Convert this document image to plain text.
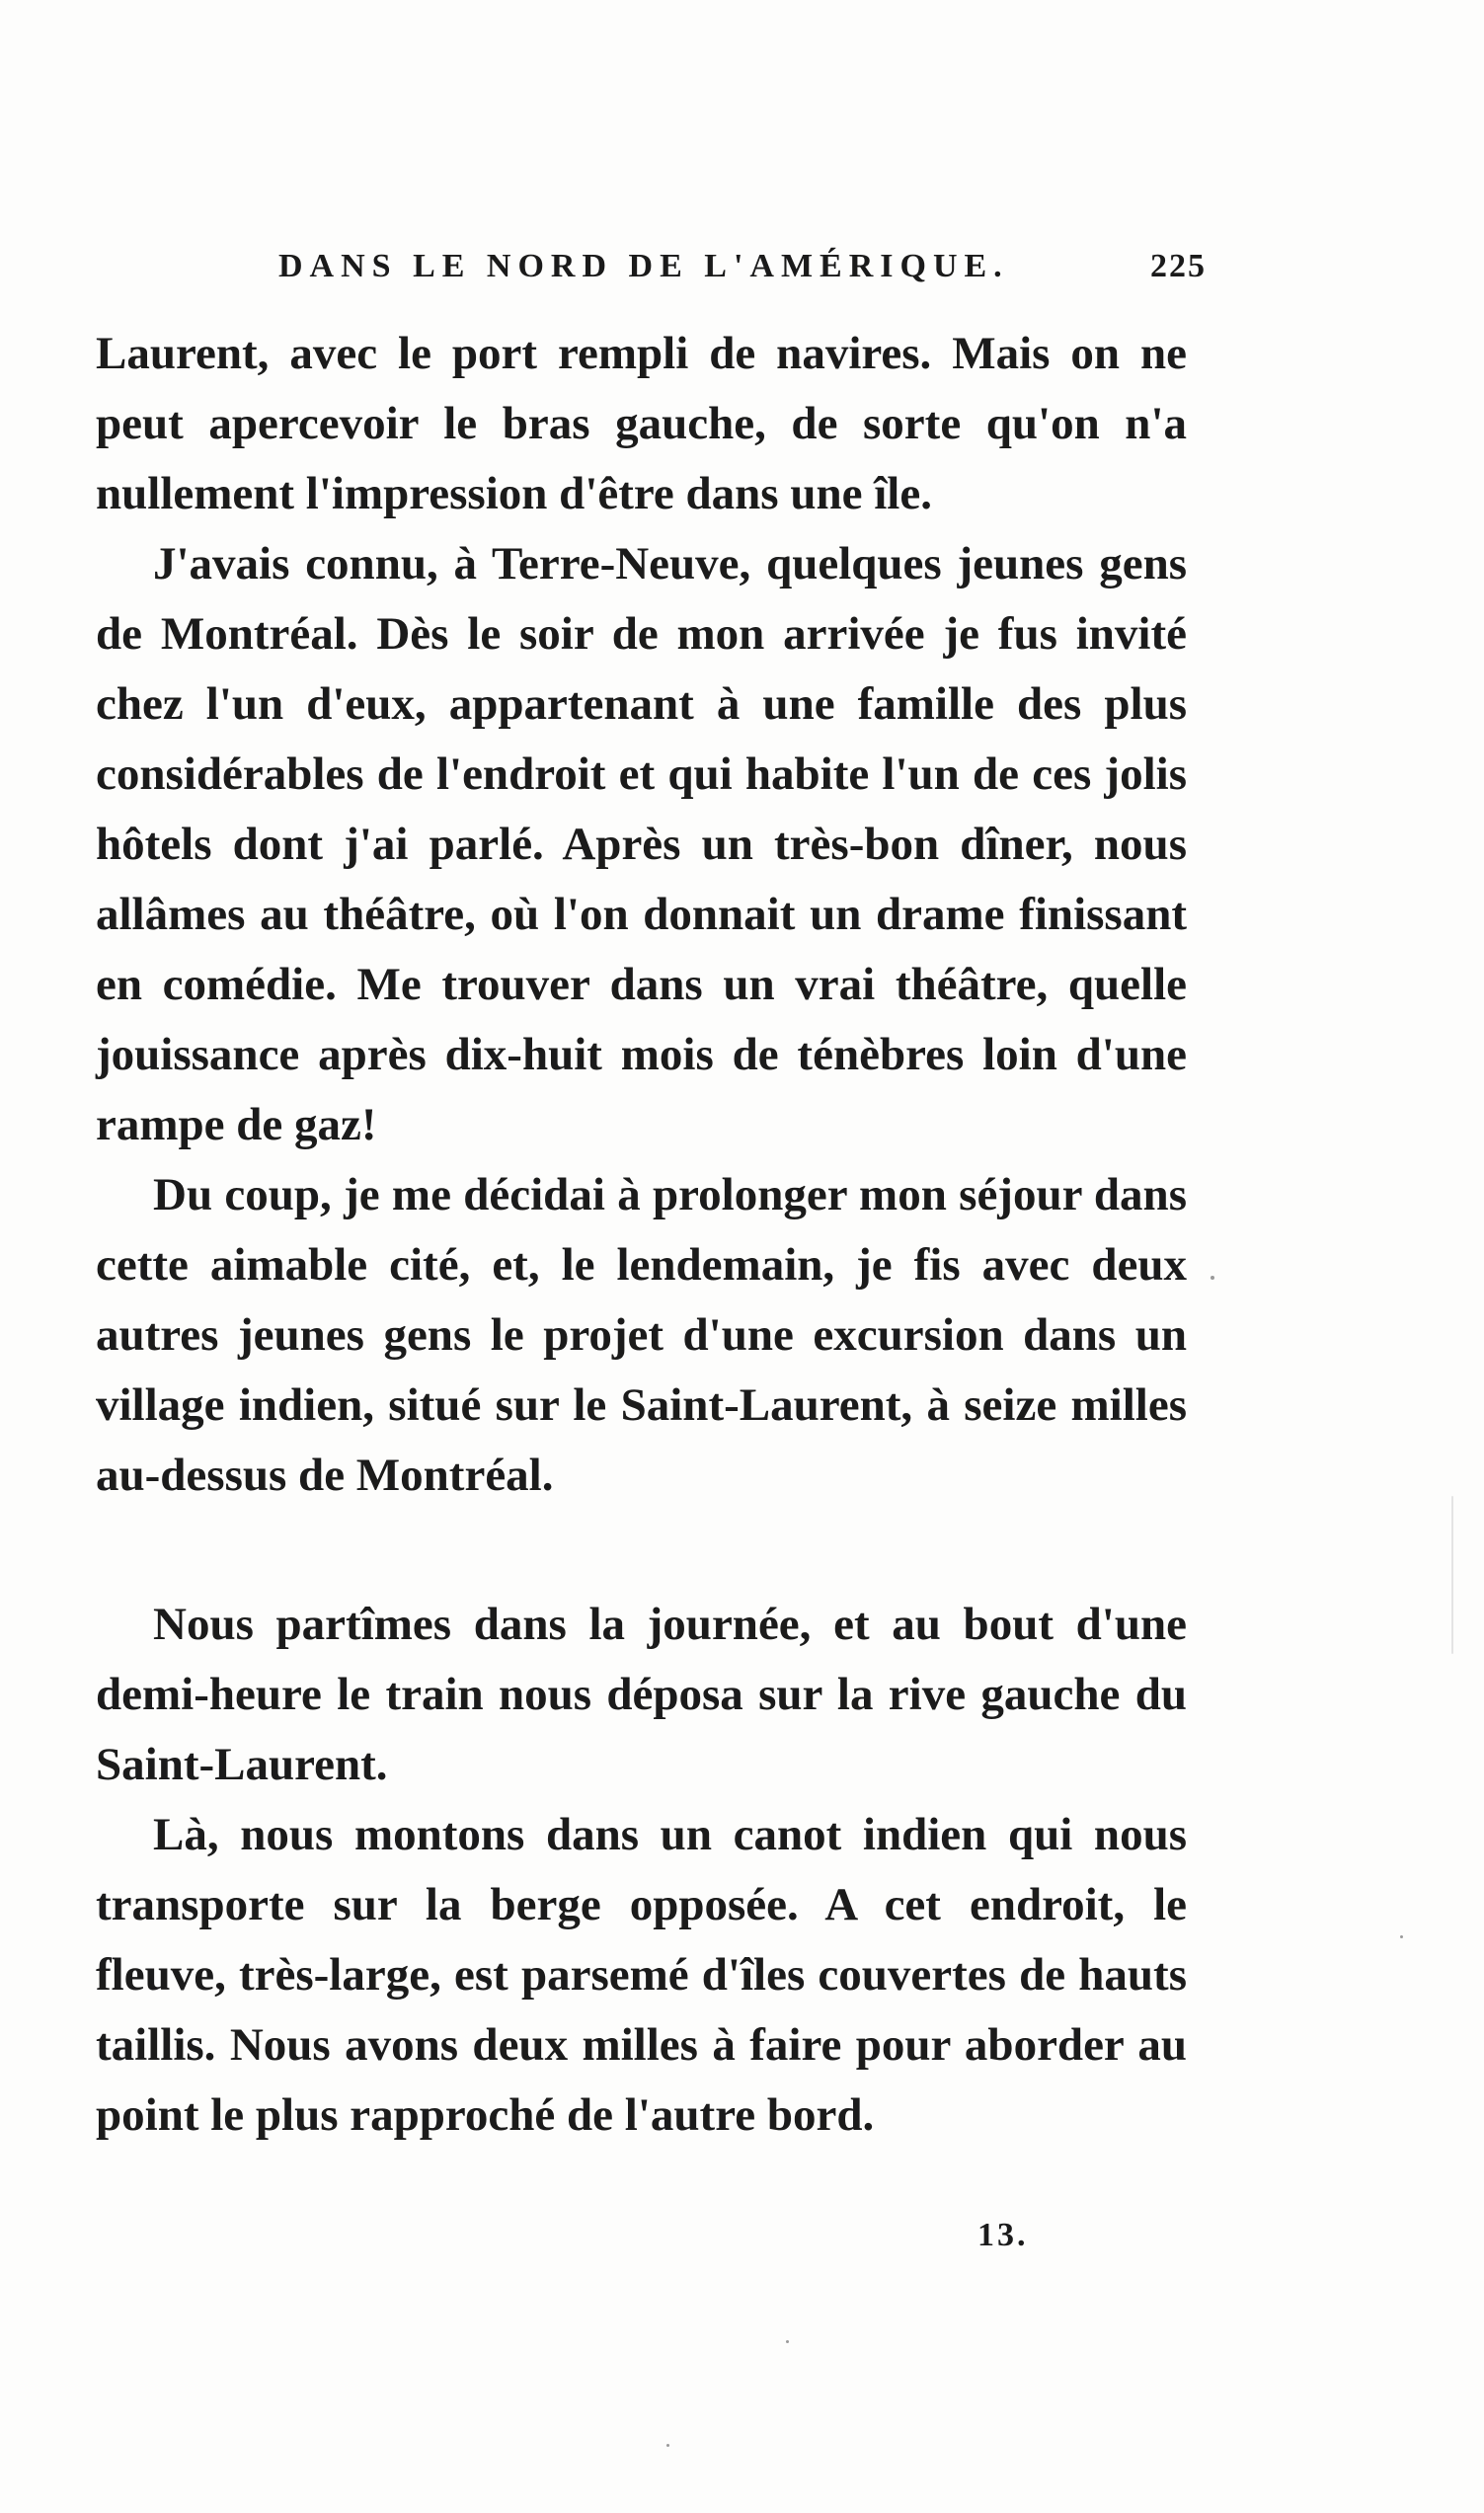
DANS LE NORD DE L'AMÉRIQUE.	225

Laurent, avec le port rempli de navires. Mais on ne peut apercevoir le bras gauche, de sorte qu'on n'a nullement l'impression d'être dans une île.

J'avais connu, à Terre-Neuve, quelques jeunes gens de Montréal. Dès le soir de mon arrivée je fus invité chez l'un d'eux, appartenant à une famille des plus considérables de l'endroit et qui habite l'un de ces jolis hôtels dont j'ai parlé. Après un très-bon dîner, nous allâmes au théâtre, où l'on donnait un drame finissant en comédie. Me trouver dans un vrai théâtre, quelle jouissance après dix-huit mois de ténèbres loin d'une rampe de gaz!

Du coup, je me décidai à prolonger mon séjour dans cette aimable cité, et, le lendemain, je fis avec deux autres jeunes gens le projet d'une excursion dans un village indien, situé sur le Saint-Laurent, à seize milles au-dessus de Montréal.

Nous partîmes dans la journée, et au bout d'une demi-heure le train nous déposa sur la rive gauche du Saint-Laurent.

Là, nous montons dans un canot indien qui nous transporte sur la berge opposée. A cet endroit, le fleuve, très-large, est parsemé d'îles couvertes de hauts taillis. Nous avons deux milles à faire pour aborder au point le plus rapproché de l'autre bord.

13.
